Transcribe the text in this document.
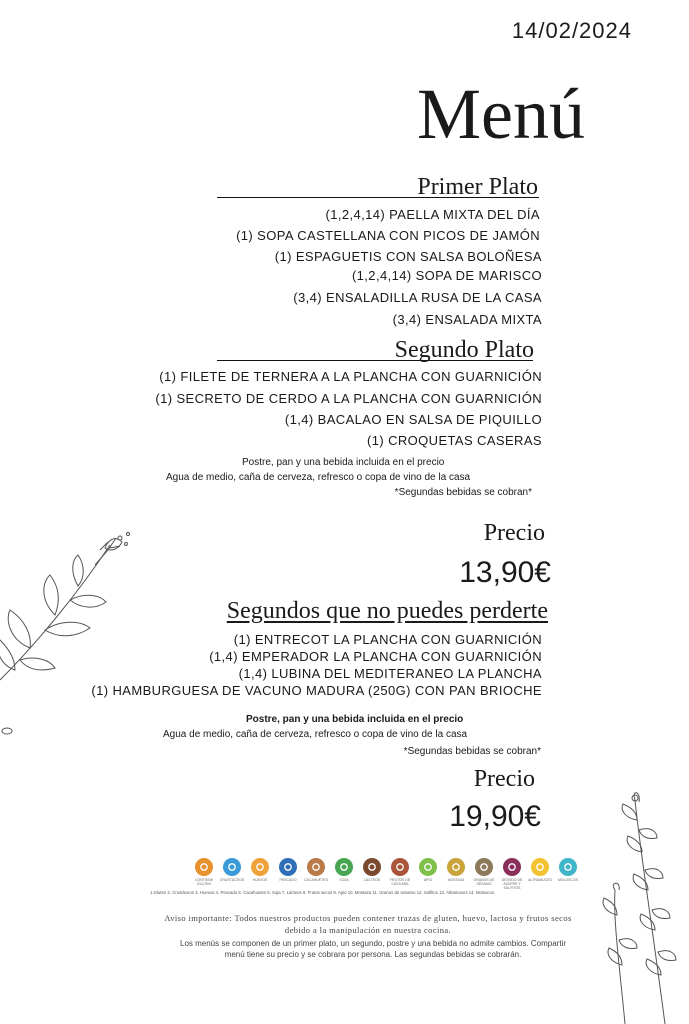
14/02/2024
Menú
Primer Plato
(1,2,4,14) PAELLA MIXTA DEL DÍA
(1) SOPA CASTELLANA CON PICOS DE JAMÓN
(1) ESPAGUETIS CON SALSA BOLOÑESA
(1,2,4,14) SOPA DE MARISCO
(3,4) ENSALADILLA RUSA DE LA CASA
(3,4) ENSALADA MIXTA
Segundo Plato
(1) FILETE DE TERNERA A LA PLANCHA CON GUARNICIÓN
(1) SECRETO DE CERDO A LA PLANCHA CON GUARNICIÓN
(1,4) BACALAO EN SALSA DE PIQUILLO
(1) CROQUETAS CASERAS
Postre, pan y una bebida incluida en el precio
Agua de medio, caña de cerveza, refresco o copa de vino de la casa
*Segundas bebidas se cobran*
Precio
13,90€
Segundos que no puedes perderte
(1) ENTRECOT LA PLANCHA CON GUARNICIÓN
(1,4) EMPERADOR LA PLANCHA CON GUARNICIÓN
(1,4) LUBINA DEL MEDITERANEO LA PLANCHA
(1) HAMBURGUESA DE VACUNO MADURA (250G) CON PAN BRIOCHE
Postre, pan y una bebida incluida en el precio
Agua de medio, caña de cerveza, refresco o copa de vino de la casa
*Segundas bebidas se cobran*
Precio
19,90€
CONTIENE GLUTEN
CRUSTÁCEOS HUEVOS	PESCADO CACAHUETES	SOJA	LÁCTEOS	FRUTOS DE CÁSCARA
APIO	MOSTAZA	GRANOS DE SÉSAMO
DIÓXIDO DE AZUFRE Y SULFITOS
ALTRAMUCES MOLUSCOS
1.Gluten 2. Crustáceos 3. Huevos 4. Pescado 5. Cacahuetes 6. Soja 7. Lácteos 8. Frutos secos 9. Apio 10. Mostaza 11. Granos de sesamo 12. Sulfitos 13. Altramuces 14. Moluscos
Aviso importante: Todos nuestros productos pueden contener trazas de gluten, huevo, lactosa y frutos secos debido a la manipulación en nuestra cocina.
Los menús se componen de un primer plato, un segundo, postre y una bebida no admite cambios. Compartir menú tiene su precio y se cobrara por persona. Las segundas bebidas se cobrarán.
